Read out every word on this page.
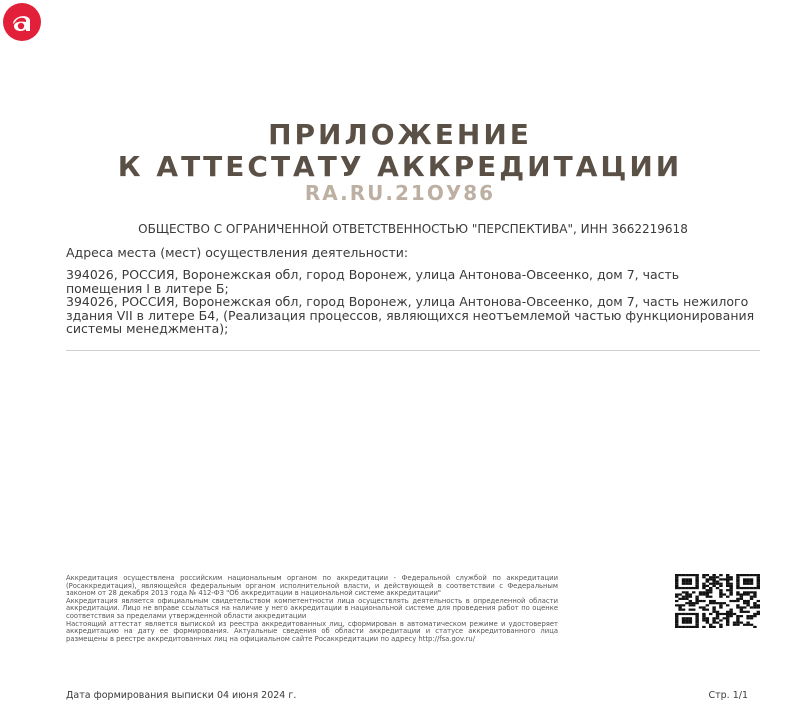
ПРИЛОЖЕНИЕ
К АТТЕСТАТУ АККРЕДИТАЦИИ
RA.RU.21ОУ86
ОБЩЕСТВО С ОГРАНИЧЕННОЙ ОТВЕТСТВЕННОСТЬЮ "ПЕРСПЕКТИВА", ИНН 3662219618
Адреса места (мест) осуществления деятельности:

394026, РОССИЯ, Воронежская обл, город Воронеж, улица Антонова-Овсеенко, дом 7, часть помещения I в литере Б;

394026, РОССИЯ, Воронежская обл, город Воронеж, улица Антонова-Овсеенко, дом 7, часть нежилого здания VII в литере Б4, (Реализация процессов, являющихся неотъемлемой частью функционирования системы менеджмента);

Аккредитация осуществлена российским национальным органом по аккредитации - Федеральной службой по аккредитации (Росаккредитация), являющейся федеральным органом исполнительной власти, и действующей в соответствии с Федеральным законом от 28 декабря 2013 года № 412-ФЗ "Об аккредитации в национальной системе аккредитации"

Аккредитация является официальным свидетельством компетентности лица осуществлять деятельность в определенной области аккредитации. Лицо не вправе ссылаться на наличие у него аккредитации в национальной системе для проведения работ по оценке соответствия за пределами утвержденной области аккредитации

Настоящий аттестат является выпиской из реестра аккредитованных лиц, сформирован в автоматическом режиме и удостоверяет аккредитацию на дату ее формирования. Актуальные сведения об области аккредитации и статусе аккредитованного лица размещены в реестре аккредитованных лиц на официальном сайте Росаккредитации по адресу http://fsa.gov.ru/

Дата формирования выписки 04 июня 2024 г.	Стр. 1/1
